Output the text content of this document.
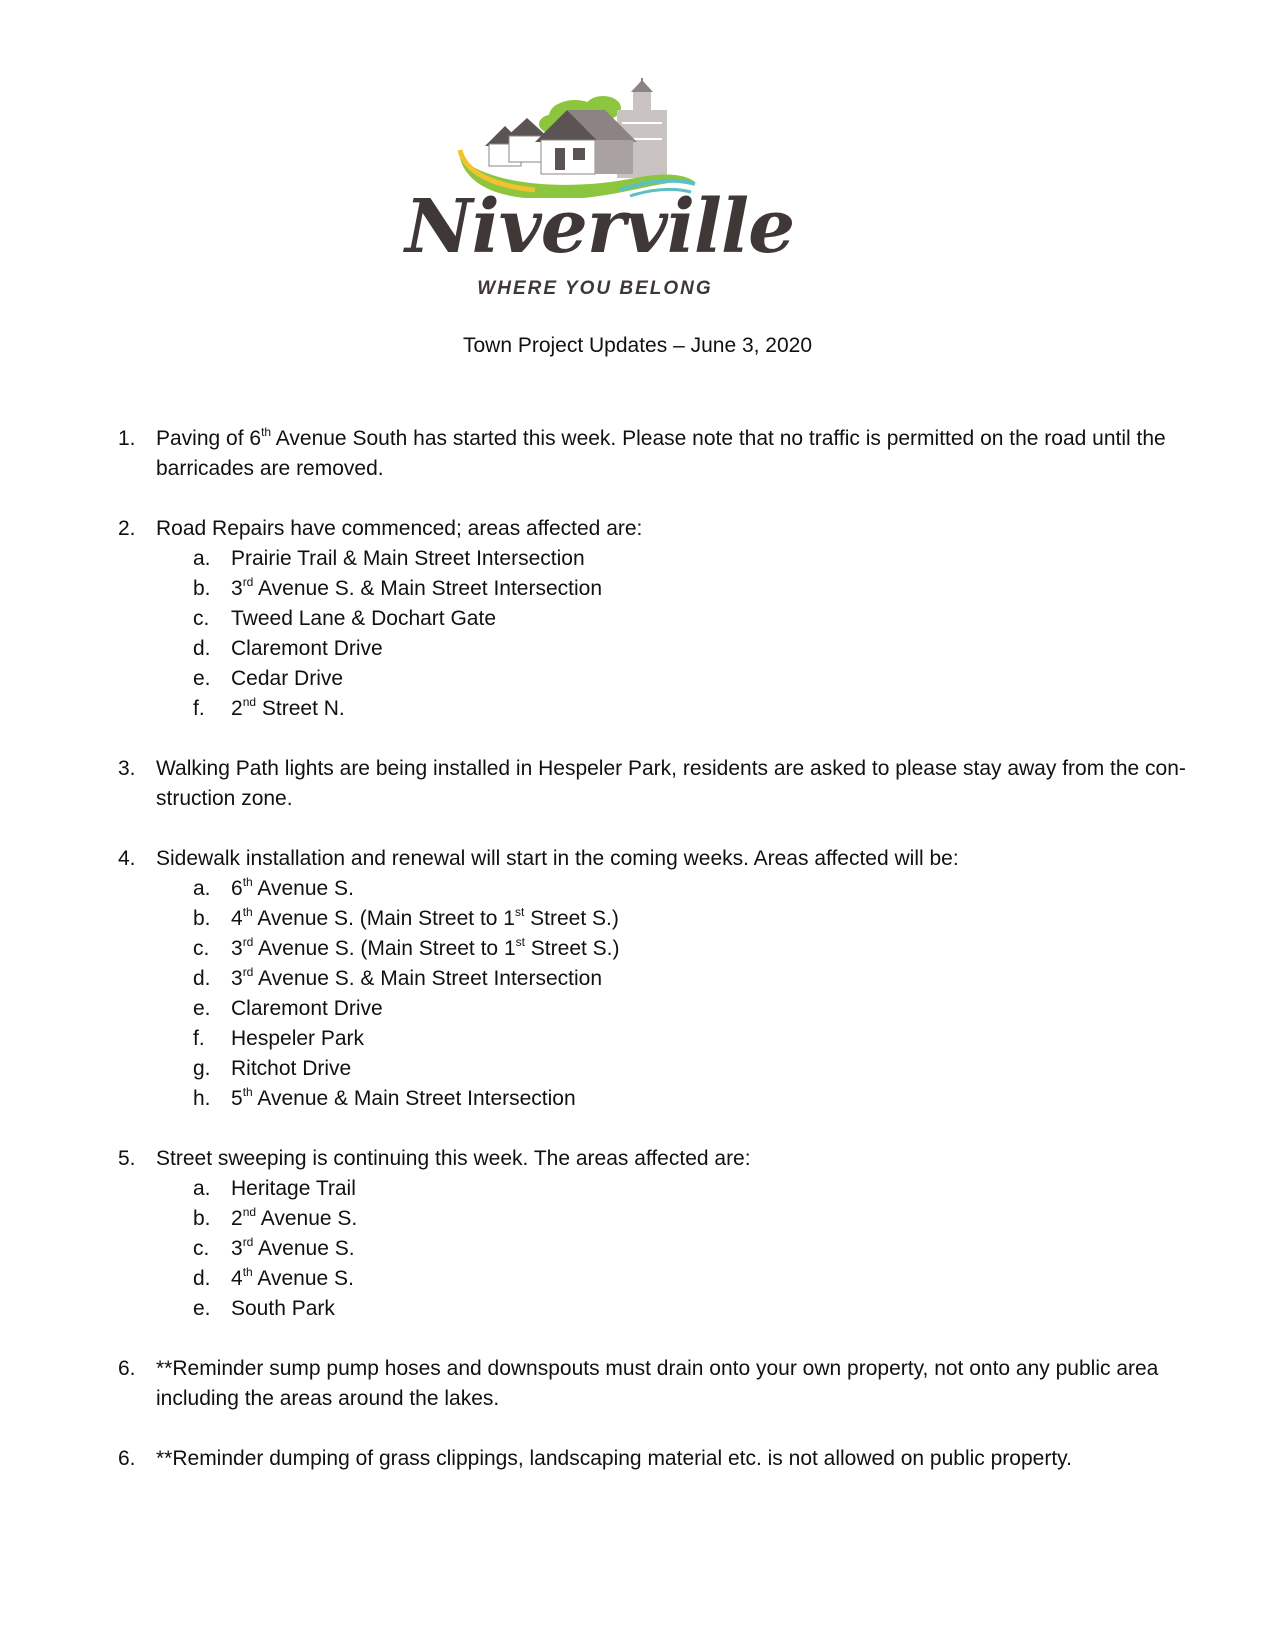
Niverville
WHERE YOU BELONG
Town Project Updates – June 3, 2020
1. Paving of 6th Avenue South has started this week. Please note that no traffic is permitted on the road until the
barricades are removed.
2. Road Repairs have commenced; areas affected are:
a. Prairie Trail & Main Street Intersection
b. 3rd Avenue S. & Main Street Intersection
c. Tweed Lane & Dochart Gate
d. Claremont Drive
e. Cedar Drive
f. 2nd Street N.
3. Walking Path lights are being installed in Hespeler Park, residents are asked to please stay away from the con-
struction zone.
4. Sidewalk installation and renewal will start in the coming weeks. Areas affected will be:
a. 6th Avenue S.
b. 4th Avenue S. (Main Street to 1st Street S.)
c. 3rd Avenue S. (Main Street to 1st Street S.)
d. 3rd Avenue S. & Main Street Intersection
e. Claremont Drive
f. Hespeler Park
g. Ritchot Drive
h. 5th Avenue & Main Street Intersection
5. Street sweeping is continuing this week. The areas affected are:
a. Heritage Trail
b. 2nd Avenue S.
c. 3rd Avenue S.
d. 4th Avenue S.
e. South Park
6. **Reminder sump pump hoses and downspouts must drain onto your own property, not onto any public area
including the areas around the lakes.
6. **Reminder dumping of grass clippings, landscaping material etc. is not allowed on public property.
